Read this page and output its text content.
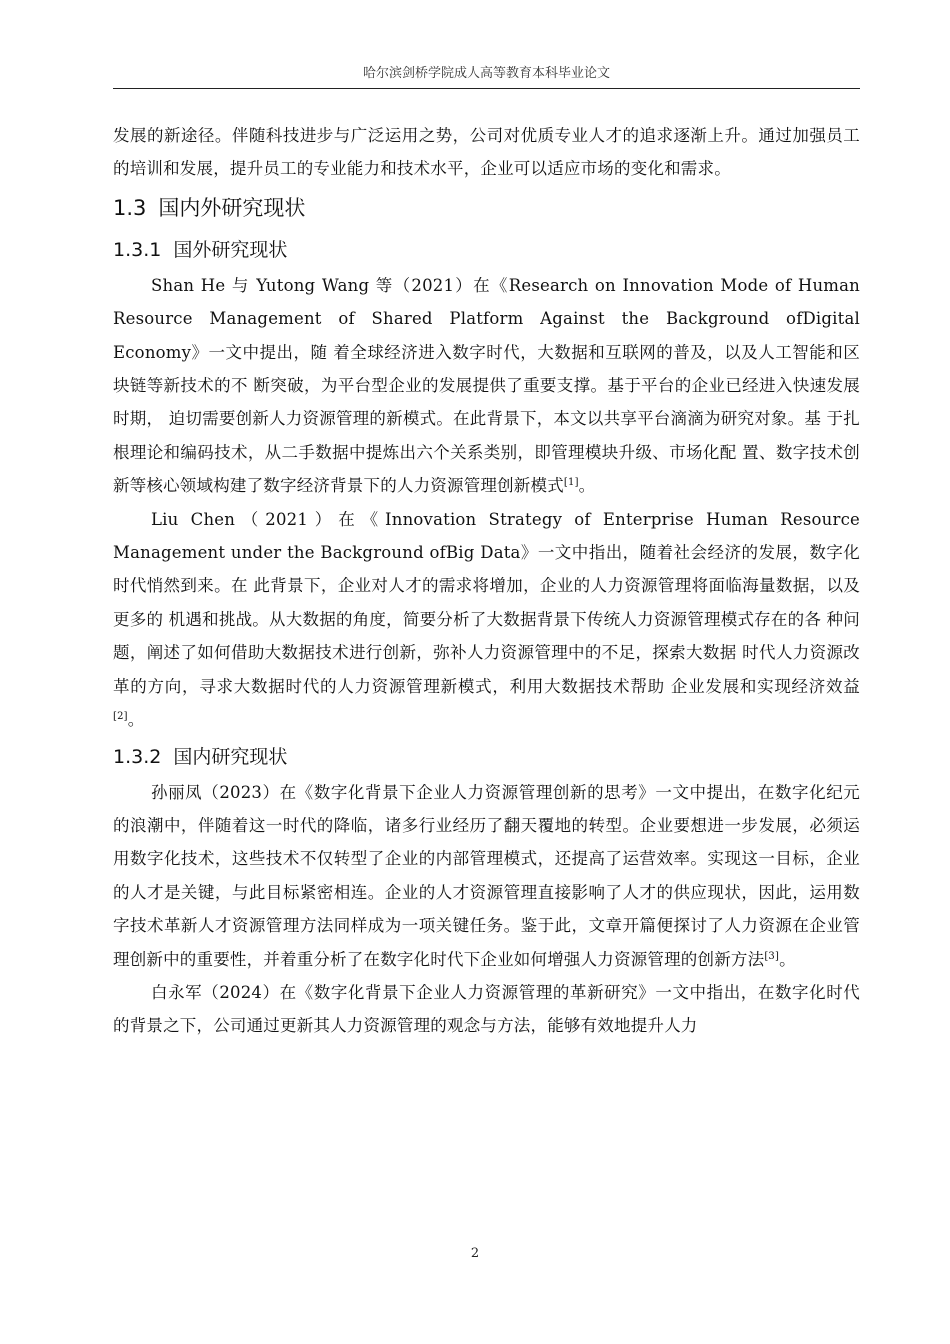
哈尔滨剑桥学院成人高等教育本科毕业论文

发展的新途径。伴随科技进步与广泛运用之势，公司对优质专业人才的追求逐渐上升。通过加强员工的培训和发展，提升员工的专业能力和技术水平，企业可以适应市场的变化和需求。

1.3 国内外研究现状
1.3.1 国外研究现状

Shan He 与 Yutong Wang 等（2021）在《Research on Innovation Mode of Human Resource Management of Shared Platform Against the Background ofDigital Economy》一文中提出，随 着全球经济进入数字时代，大数据和互联网的普及，以及人工智能和区块链等新技术的不 断突破，为平台型企业的发展提供了重要支撑。基于平台的企业已经进入快速发展时期， 迫切需要创新人力资源管理的新模式。在此背景下，本文以共享平台滴滴为研究对象。基 于扎根理论和编码技术，从二手数据中提炼出六个关系类别，即管理模块升级、市场化配 置、数字技术创新等核心领域构建了数字经济背景下的人力资源管理创新模式[1]。

Liu Chen（2021）在《Innovation Strategy of Enterprise Human Resource Management under the Background ofBig Data》一文中指出，随着社会经济的发展，数字化时代悄然到来。在 此背景下，企业对人才的需求将增加，企业的人力资源管理将面临海量数据，以及更多的 机遇和挑战。从大数据的角度，简要分析了大数据背景下传统人力资源管理模式存在的各 种问题，阐述了如何借助大数据技术进行创新，弥补人力资源管理中的不足，探索大数据 时代人力资源改革的方向，寻求大数据时代的人力资源管理新模式，利用大数据技术帮助 企业发展和实现经济效益[2]。

1.3.2 国内研究现状

孙丽凤（2023）在《数字化背景下企业人力资源管理创新的思考》一文中提出，在数字化纪元的浪潮中，伴随着这一时代的降临，诸多行业经历了翻天覆地的转型。企业要想进一步发展，必须运用数字化技术，这些技术不仅转型了企业的内部管理模式，还提高了运营效率。实现这一目标，企业的人才是关键，与此目标紧密相连。企业的人才资源管理直接影响了人才的供应现状，因此，运用数字技术革新人才资源管理方法同样成为一项关键任务。鉴于此，文章开篇便探讨了人力资源在企业管理创新中的重要性，并着重分析了在数字化时代下企业如何增强人力资源管理的创新方法[3]。

白永军（2024）在《数字化背景下企业人力资源管理的革新研究》一文中指出，在数字化时代的背景之下，公司通过更新其人力资源管理的观念与方法，能够有效地提升人力

2
